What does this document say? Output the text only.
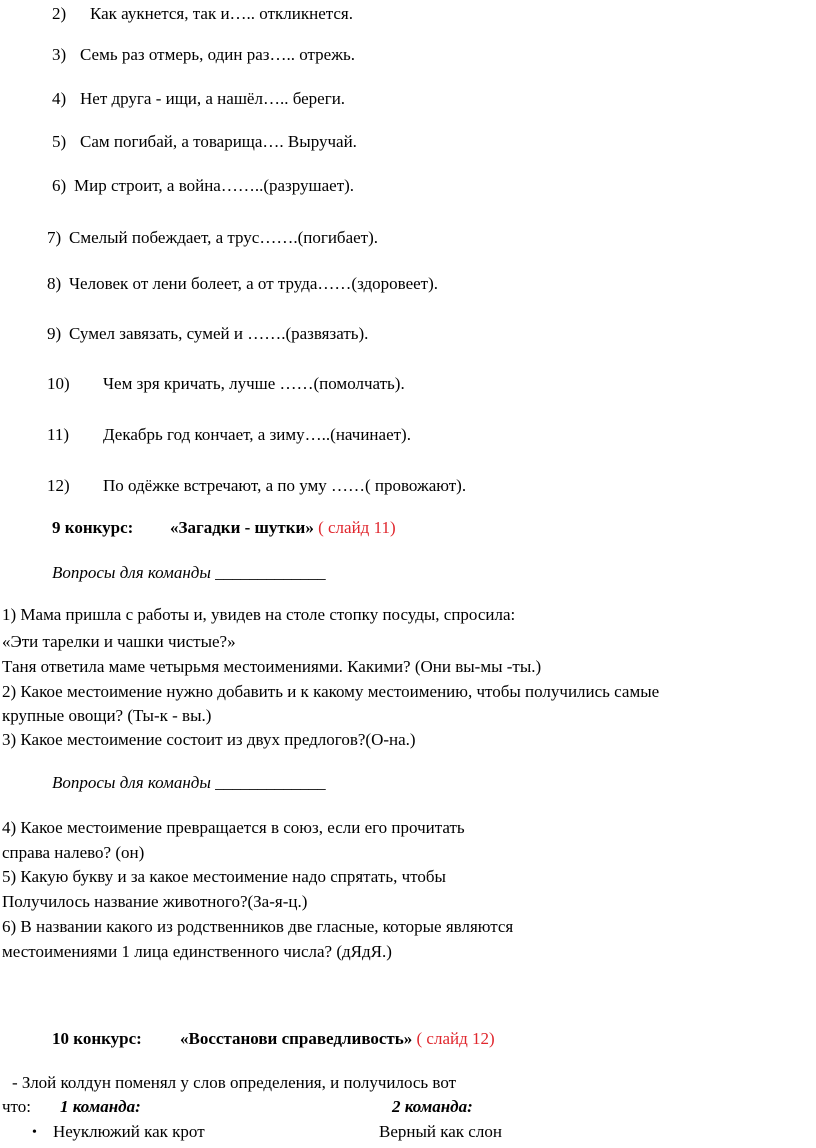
2) Как аукнется, так и….. откликнется.
3) Семь раз отмерь, один раз….. отрежь.
4) Нет друга - ищи, а нашёл….. береги.
5) Сам погибай, а товарища…. Выручай.
6) Мир строит, а война……..(разрушает).
7) Смелый побеждает, а трус…….(погибает).
8) Человек от лени болеет, а от труда……(здоровеет).
9) Сумел завязать, сумей и …….(развязать).
10) Чем зря кричать, лучше ……(помолчать).
11) Декабрь год кончает, а зиму…..(начинает).
12) По одёжке встречают, а по уму ……( провожают).
9 конкурс: «Загадки - шутки» ( слайд 11)
Вопросы для команды _____________
1) Мама пришла с работы и, увидев на столе стопку посуды, спросила:
«Эти тарелки и чашки чистые?»
Таня ответила маме четырьмя местоимениями. Какими? (Они вы-мы -ты.)
2) Какое местоимение нужно добавить и к какому местоимению, чтобы получились самые
крупные овощи? (Ты-к - вы.)
3) Какое местоимение состоит из двух предлогов?(О-на.)
Вопросы для команды _____________
4) Какое местоимение превращается в союз, если его прочитать
справа налево? (он)
5) Какую букву и за какое местоимение надо спрятать, чтобы
Получилось название животного?(За-я-ц.)
6) В названии какого из родственников две гласные, которые являются
местоимениями 1 лица единственного числа? (дЯдЯ.)
10 конкурс: «Восстанови справедливость» ( слайд 12)
- Злой колдун поменял у слов определения, и получилось вот
что: 1 команда:	2 команда:
• Неуклюжий как крот	Верный как слон
